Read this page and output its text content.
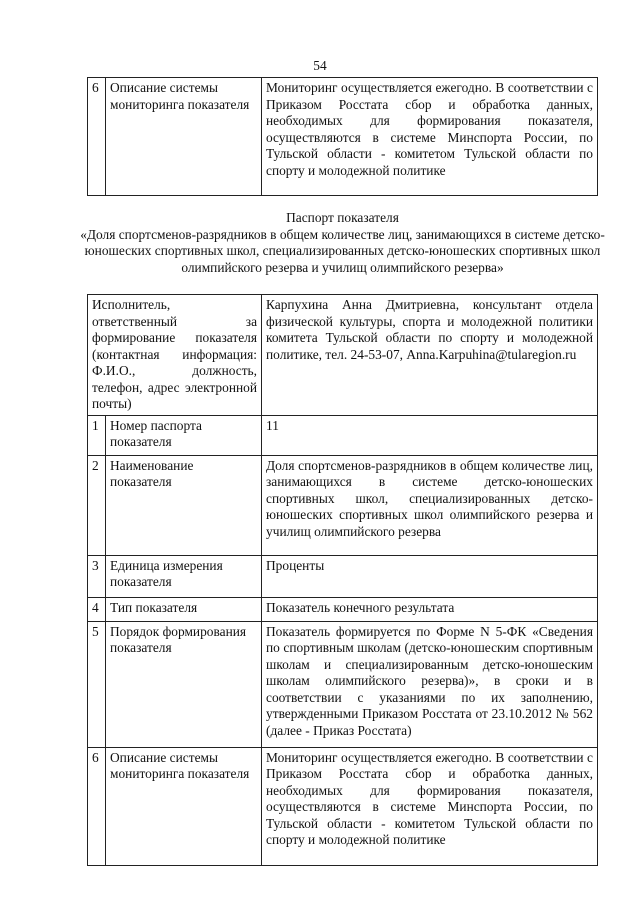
54
6	Описание системы мониторинга показателя	Мониторинг осуществляется ежегодно. В соответствии с Приказом Росстата сбор и обработка данных, необходимых для формирования показателя, осуществляются в системе Минспорта России, по Тульской области - комитетом Тульской области по спорту и молодежной политике
Паспорт показателя
«Доля спортсменов-разрядников в общем количестве лиц, занимающихся в системе детско-юношеских спортивных школ, специализированных детско-юношеских спортивных школ олимпийского резерва и училищ олимпийского резерва»
Исполнитель, ответственный за формирование показателя (контактная информация: Ф.И.О., должность, телефон, адрес электронной почты)		Карпухина Анна Дмитриевна, консультант отдела физической культуры, спорта и молодежной политики комитета Тульской области по спорту и молодежной политике, тел. 24-53-07, Anna.Karpuhina@tularegion.ru
1	Номер паспорта показателя	11
2	Наименование показателя	Доля спортсменов-разрядников в общем количестве лиц, занимающихся в системе детско-юношеских спортивных школ, специализированных детско-юношеских спортивных школ олимпийского резерва и училищ олимпийского резерва
3	Единица измерения показателя	Проценты
4	Тип показателя	Показатель конечного результата
5	Порядок формирования показателя	Показатель формируется по Форме N 5-ФК «Сведения по спортивным школам (детско-юношеским спортивным школам и специализированным детско-юношеским школам олимпийского резерва)», в сроки и в соответствии с указаниями по их заполнению, утвержденными Приказом Росстата от 23.10.2012 № 562 (далее - Приказ Росстата)
6	Описание системы мониторинга показателя	Мониторинг осуществляется ежегодно. В соответствии с Приказом Росстата сбор и обработка данных, необходимых для формирования показателя, осуществляются в системе Минспорта России, по Тульской области - комитетом Тульской области по спорту и молодежной политике
